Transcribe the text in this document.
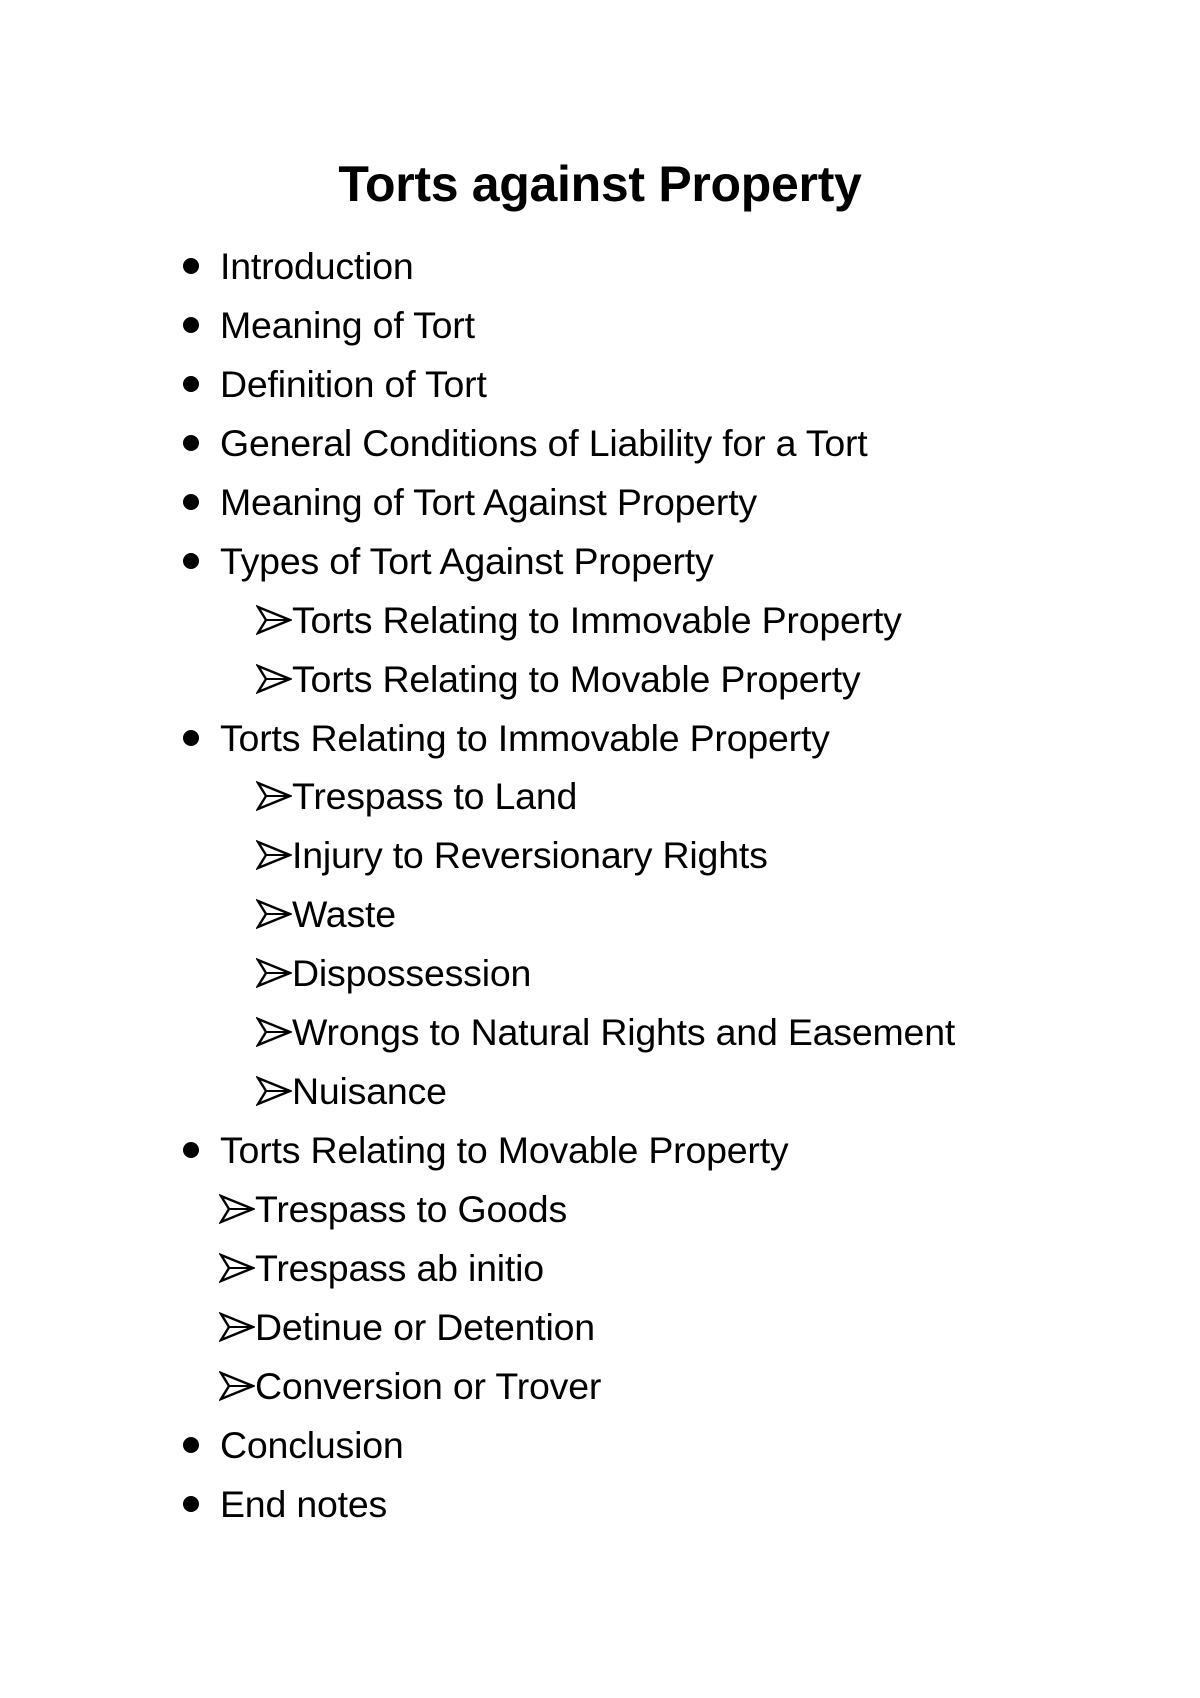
Torts against Property
Introduction
Meaning of Tort
Definition of Tort
General Conditions of Liability for a Tort
Meaning of Tort Against Property
Types of Tort Against Property
Torts Relating to Immovable Property
Torts Relating to Movable Property
Torts Relating to Immovable Property
Trespass to Land
Injury to Reversionary Rights
Waste
Dispossession
Wrongs to Natural Rights and Easement
Nuisance
Torts Relating to Movable Property
Trespass to Goods
Trespass ab initio
Detinue or Detention
Conversion or Trover
Conclusion
End notes
